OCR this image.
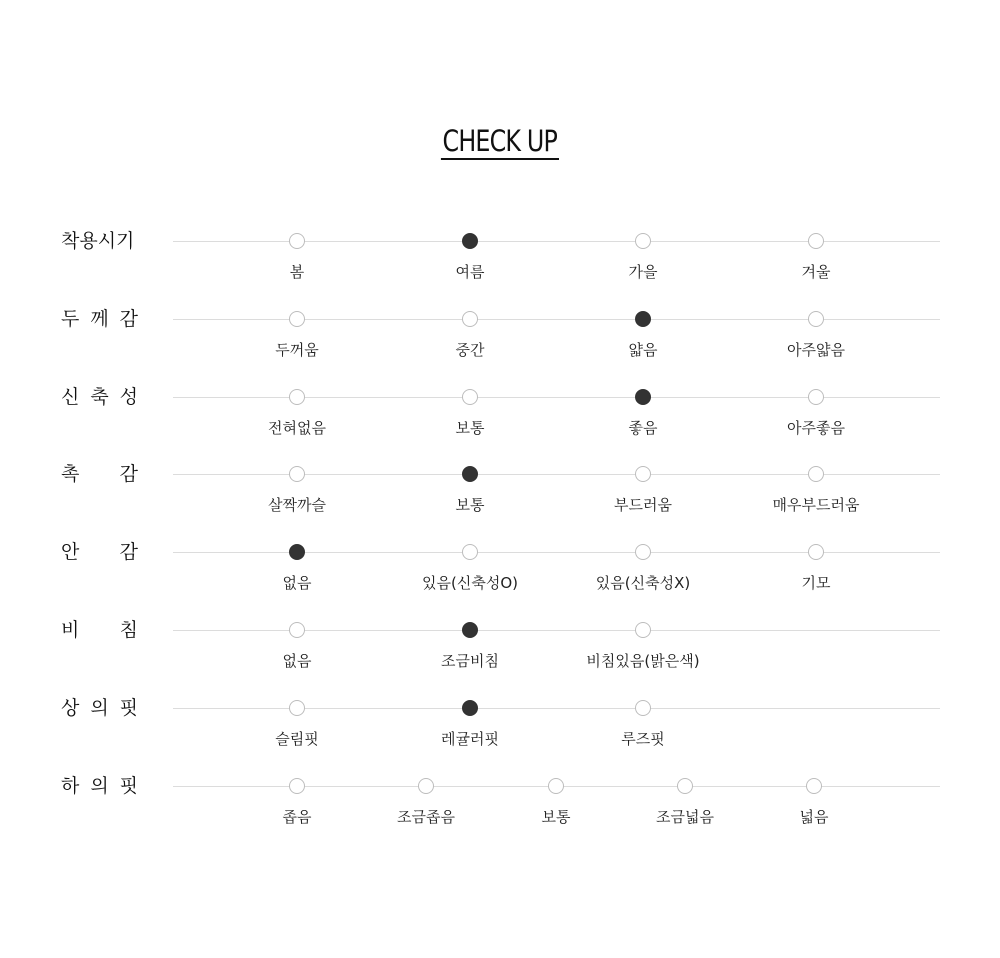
CHECK UP
착용시기
봄	여름	가을	겨울
두 께 감
두꺼움	중간	얇음	아주얇음
신 축 성
전혀없음	보통	좋음	아주좋음
촉 감
살짝까슬	보통	부드러움	매우부드러움
안 감
없음	있음(신축성O)	있음(신축성X)	기모
비 침
없음	조금비침	비침있음(밝은색)
상 의 핏
슬림핏	레귤러핏	루즈핏
하 의 핏
좁음	조금좁음	보통	조금넓음	넓음
